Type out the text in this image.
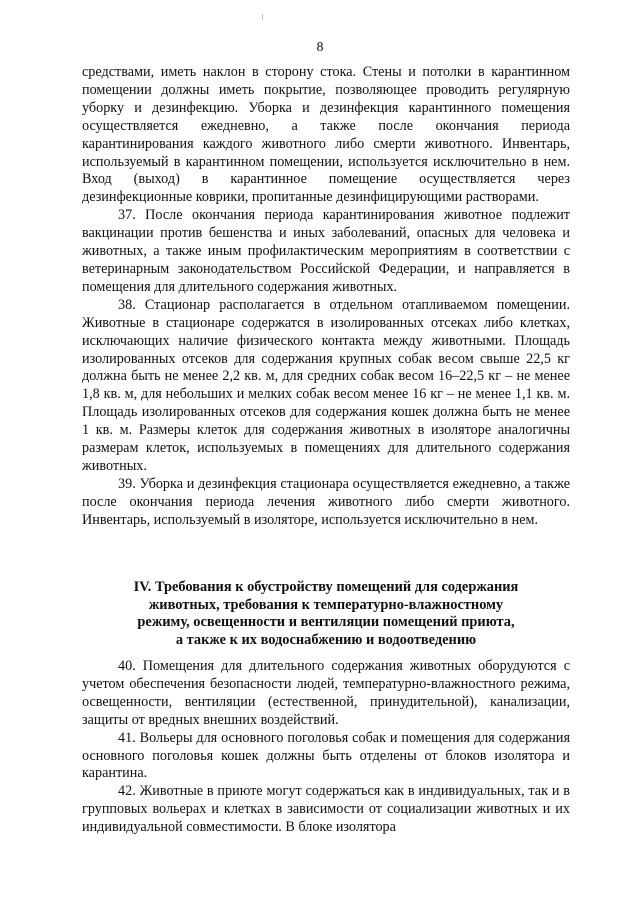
8

средствами, иметь наклон в сторону стока. Стены и потолки в карантинном помещении должны иметь покрытие, позволяющее проводить регулярную уборку и дезинфекцию. Уборка и дезинфекция карантинного помещения осуществляется ежедневно, а также после окончания периода карантинирования каждого животного либо смерти животного. Инвентарь, используемый в карантинном помещении, используется исключительно в нем. Вход (выход) в карантинное помещение осуществляется через дезинфекционные коврики, пропитанные дезинфицирующими растворами.

37. После окончания периода карантинирования животное подлежит вакцинации против бешенства и иных заболеваний, опасных для человека и животных, а также иным профилактическим мероприятиям в соответствии с ветеринарным законодательством Российской Федерации, и направляется в помещения для длительного содержания животных.

38. Стационар располагается в отдельном отапливаемом помещении. Животные в стационаре содержатся в изолированных отсеках либо клетках, исключающих наличие физического контакта между животными. Площадь изолированных отсеков для содержания крупных собак весом свыше 22,5 кг должна быть не менее 2,2 кв. м, для средних собак весом 16–22,5 кг – не менее 1,8 кв. м, для небольших и мелких собак весом менее 16 кг – не менее 1,1 кв. м. Площадь изолированных отсеков для содержания кошек должна быть не менее 1 кв. м. Размеры клеток для содержания животных в изоляторе аналогичны размерам клеток, используемых в помещениях для длительного содержания животных.

39. Уборка и дезинфекция стационара осуществляется ежедневно, а также после окончания периода лечения животного либо смерти животного. Инвентарь, используемый в изоляторе, используется исключительно в нем.

IV. Требования к обустройству помещений для содержания
животных, требования к температурно-влажностному
режиму, освещенности и вентиляции помещений приюта,
а также к их водоснабжению и водоотведению

40. Помещения для длительного содержания животных оборудуются с учетом обеспечения безопасности людей, температурно-влажностного режима, освещенности, вентиляции (естественной, принудительной), канализации, защиты от вредных внешних воздействий.

41. Вольеры для основного поголовья собак и помещения для содержания основного поголовья кошек должны быть отделены от блоков изолятора и карантина.

42. Животные в приюте могут содержаться как в индивидуальных, так и в групповых вольерах и клетках в зависимости от социализации животных и их индивидуальной совместимости. В блоке изолятора
